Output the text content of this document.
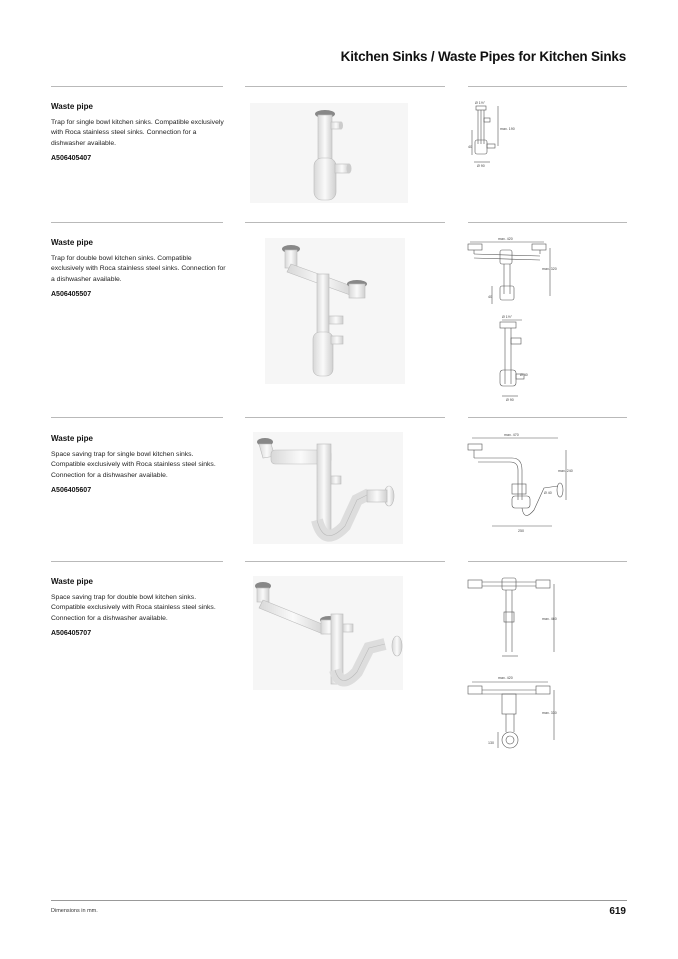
Kitchen Sinks / Waste Pipes for Kitchen Sinks
Waste pipe
Trap for single bowl kitchen sinks. Compatible exclusively with Roca stainless steel sinks. Connection for a dishwasher available.
A506405407
max. 190
40
Ø 1½"
Ø 90
Waste pipe
Trap for double bowl kitchen sinks. Compatible exclusively with Roca stainless steel sinks. Connection for a dishwasher available.
A506405507
max. 420
max. 320
40
Ø 1½"
Ø 40
Ø 90
Waste pipe
Space saving trap for single bowl kitchen sinks. Compatible exclusively with Roca stainless steel sinks. Connection for a dishwasher available.
A506405607
max. 470
max. 240
Ø 40
250
Waste pipe
Space saving trap for double bowl kitchen sinks. Compatible exclusively with Roca stainless steel sinks. Connection for a dishwasher available.
A506405707
max. 460
max. 420
max. 330
130
Dimensions in mm.	619
